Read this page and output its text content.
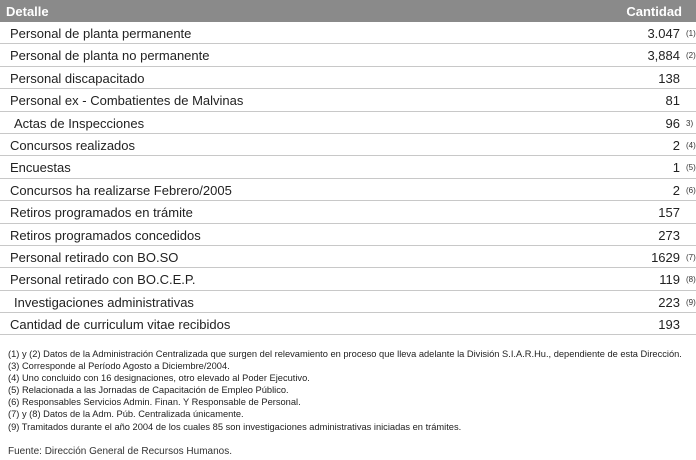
Detalle	Cantidad
Personal de planta permanente	3.047 (1)
Personal de planta no permanente	3,884 (2)
Personal discapacitado	138
Personal ex - Combatientes de Malvinas	81
Actas de Inspecciones	96 3)
Concursos realizados	2 (4)
Encuestas	1 (5)
Concursos ha realizarse Febrero/2005	2 (6)
Retiros programados en trámite	157
Retiros programados concedidos	273
Personal retirado con BO.SO	1629 (7)
Personal retirado con BO.C.E.P.	119 (8)
Investigaciones administrativas	223 (9)
Cantidad de curriculum vitae recibidos	193
(1) y (2) Datos de la Administración Centralizada que surgen del relevamiento en proceso que lleva adelante la División S.I.A.R.Hu., dependiente de esta Dirección.
(3) Corresponde al Período Agosto a Diciembre/2004.
(4) Uno concluido con 16 designaciones, otro elevado al Poder Ejecutivo.
(5) Relacionada a las Jornadas de Capacitación de Empleo Público.
(6) Responsables Servicios Admin. Finan. Y Responsable de Personal.
(7) y (8) Datos de la Adm. Púb. Centralizada únicamente.
(9) Tramitados durante el año 2004 de los cuales 85 son investigaciones administrativas iniciadas en trámites.
Fuente: Dirección General de Recursos Humanos.
